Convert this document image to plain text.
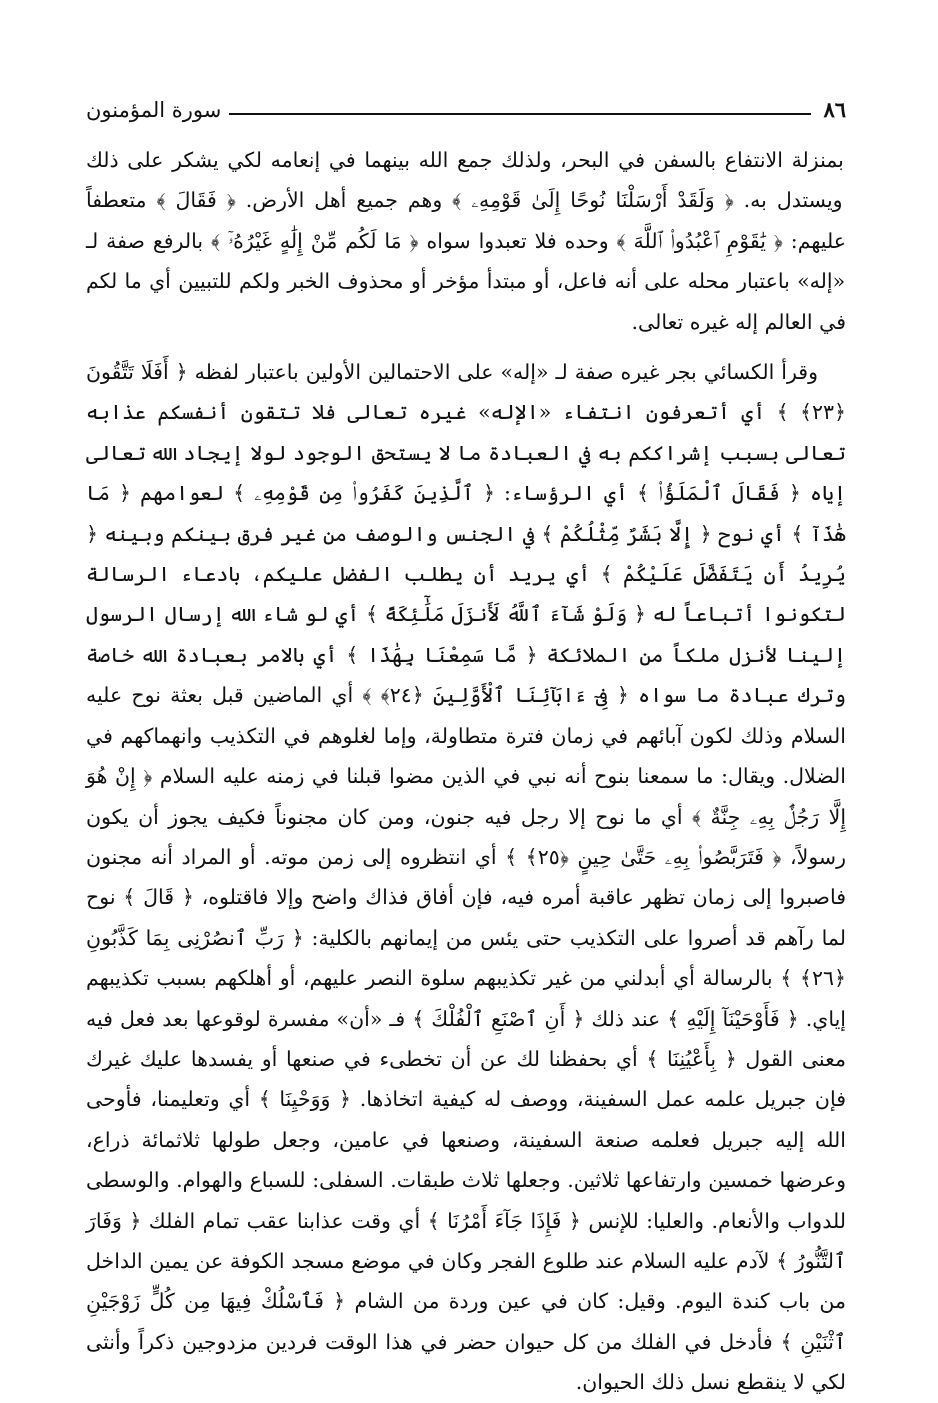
٨٦
سورة المؤمنون

بمنزلة الانتفاع بالسفن في البحر، ولذلك جمع الله بينهما في إنعامه لكي يشكر على ذلك ويستدل به. ﴿ وَلَقَدْ أَرْسَلْنَا نُوحًا إِلَىٰ قَوْمِهِۦ ﴾ وهم جميع أهل الأرض. ﴿ فَقَالَ ﴾ متعطفاً عليهم: ﴿ يَٰقَوْمِ ٱعْبُدُوا۟ ٱللَّهَ ﴾ وحده فلا تعبدوا سواه ﴿ مَا لَكُم مِّنْ إِلَٰهٍ غَيْرُهُۥٓ ﴾ بالرفع صفة لـ «إله» باعتبار محله على أنه فاعل، أو مبتدأ مؤخر أو محذوف الخبر ولكم للتبيين أي ما لكم في العالم إله غيره تعالى.

وقرأ الكسائي بجر غيره صفة لـ «إله» على الاحتمالين الأولين باعتبار لفظه ﴿ أَفَلَا تَتَّقُونَ ﴿٢٣﴾ ﴾ أي أتعرفون انتفاء «الإله» غيره تعالى فلا تتقون أنفسكم عذابه تعالى بسبب إشراككم به في العبادة ما لا يستحق الوجود لولا إيجاد الله تعالى إياه ﴿ فَقَالَ ٱلْمَلَؤُا۟ ﴾ أي الرؤساء: ﴿ ٱلَّذِينَ كَفَرُوا۟ مِن قَوْمِهِۦ ﴾ لعوامهم ﴿ مَا هَٰذَآ ﴾ أي نوح ﴿ إِلَّا بَشَرٌ مِّثْلُكُمْ ﴾ في الجنس والوصف من غير فرق بينكم وبينه ﴿ يُرِيدُ أَن يَتَفَضَّلَ عَلَيْكُمْ ﴾ أي يريد أن يطلب الفضل عليكم، بادعاء الرسالة لتكونوا أتباعاً له ﴿ وَلَوْ شَآءَ ٱللَّهُ لَأَنزَلَ مَلَٰٓئِكَةً ﴾ أي لو شاء الله إرسال الرسول إلينا لأنزل ملكاً من الملائكة ﴿ مَّا سَمِعْنَا بِهَٰذَا ﴾ أي بالامر بعبادة الله خاصة وترك عبادة ما سواه ﴿ فِىٓ ءَابَآئِنَا ٱلْأَوَّلِينَ ﴿٢٤﴾ ﴾ أي الماضين قبل بعثة نوح عليه السلام وذلك لكون آبائهم في زمان فترة متطاولة، وإما لغلوهم في التكذيب وانهماكهم في الضلال. ويقال: ما سمعنا بنوح أنه نبي في الذين مضوا قبلنا في زمنه عليه السلام ﴿ إِنْ هُوَ إِلَّا رَجُلٌۢ بِهِۦ جِنَّةٌ ﴾ أي ما نوح إلا رجل فيه جنون، ومن كان مجنوناً فكيف يجوز أن يكون رسولاً، ﴿ فَتَرَبَّصُوا۟ بِهِۦ حَتَّىٰ حِينٍ ﴿٢٥﴾ ﴾ أي انتظروه إلى زمن موته. أو المراد أنه مجنون فاصبروا إلى زمان تظهر عاقبة أمره فيه، فإن أفاق فذاك واضح وإلا فاقتلوه، ﴿ قَالَ ﴾ نوح لما رآهم قد أصروا على التكذيب حتى يئس من إيمانهم بالكلية: ﴿ رَبِّ ٱنصُرْنِى بِمَا كَذَّبُونِ ﴿٢٦﴾ ﴾ بالرسالة أي أبدلني من غير تكذيبهم سلوة النصر عليهم، أو أهلكهم بسبب تكذيبهم إياي. ﴿ فَأَوْحَيْنَآ إِلَيْهِ ﴾ عند ذلك ﴿ أَنِ ٱصْنَعِ ٱلْفُلْكَ ﴾ فـ «أن» مفسرة لوقوعها بعد فعل فيه معنى القول ﴿ بِأَعْيُنِنَا ﴾ أي بحفظنا لك عن أن تخطىء في صنعها أو يفسدها عليك غيرك فإن جبريل علمه عمل السفينة، ووصف له كيفية اتخاذها. ﴿ وَوَحْيِنَا ﴾ أي وتعليمنا، فأوحى الله إليه جبريل فعلمه صنعة السفينة، وصنعها في عامين، وجعل طولها ثلاثمائة ذراع، وعرضها خمسين وارتفاعها ثلاثين. وجعلها ثلاث طبقات. السفلى: للسباع والهوام. والوسطى للدواب والأنعام. والعليا: للإنس ﴿ فَإِذَا جَآءَ أَمْرُنَا ﴾ أي وقت عذابنا عقب تمام الفلك ﴿ وَفَارَ ٱلتَّنُّورُ ﴾ لآدم عليه السلام عند طلوع الفجر وكان في موضع مسجد الكوفة عن يمين الداخل من باب كندة اليوم. وقيل: كان في عين وردة من الشام ﴿ فَٱسْلُكْ فِيهَا مِن كُلٍّ زَوْجَيْنِ ٱثْنَيْنِ ﴾ فأدخل في الفلك من كل حيوان حضر في هذا الوقت فردين مزدوجين ذكراً وأنثى لكي لا ينقطع نسل ذلك الحيوان.
